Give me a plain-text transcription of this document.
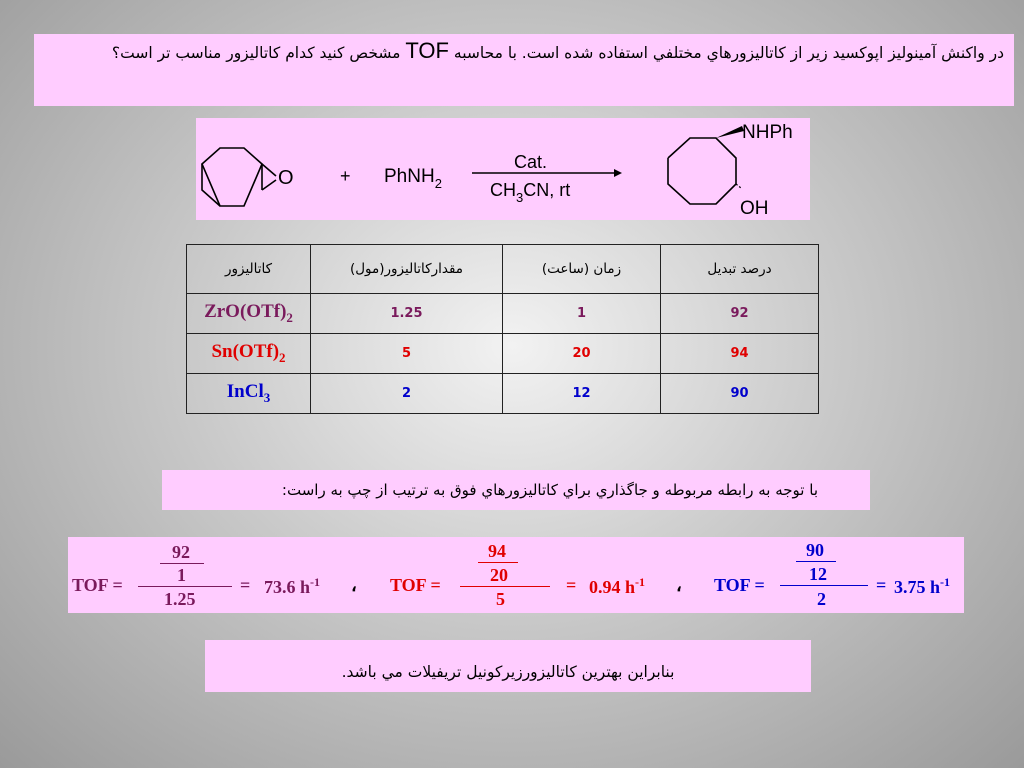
در واکنش آمینولیز اپوکسید زیر از کاتالیزورهاي مختلفي استفاده شده است. با محاسبه TOF مشخص کنید کدام کاتالیزور مناسب تر است؟
O	+ PhNH$_2$
Cat.
$CH_3CN$, rt
NHPh
OH
کاتالیزور	مقدارکاتالیزور(مول)	زمان (ساعت)	درصد تبدیل
$ZrO(OTf)_2$	1.25	1	92
$Sn(OTf)_2$	5	20	94
InCl$_3$	2	12	90
با توجه به رابطه مربوطه و جاگذاري براي کاتاليزورهاي فوق به ترتيب از چپ به راست:
TOF =
92
1
1.25
= 73.6 $h^{-1}$ ، TOF =
94
20
5
= 0.94 $h^{-1}$ ، TOF =
90
12
2
= 3.75 $h^{-1}$
بنابراين بهترين کاتاليزورزيرکونيل تريفيلات مي باشد.
